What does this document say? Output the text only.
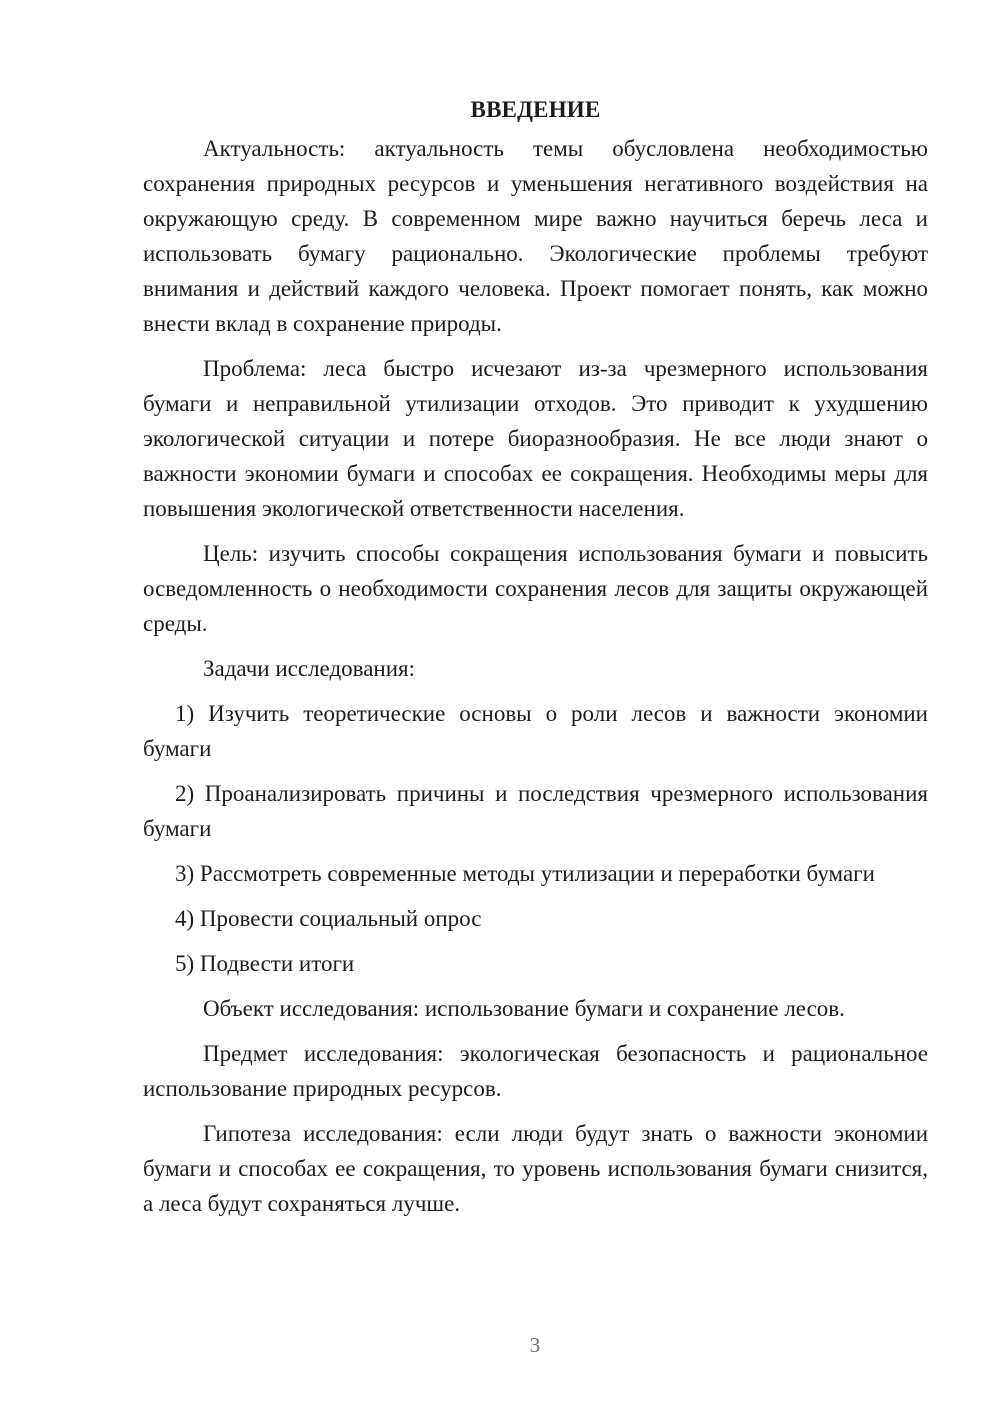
ВВЕДЕНИЕ

Актуальность: актуальность темы обусловлена необходимостью сохранения природных ресурсов и уменьшения негативного воздействия на окружающую среду. В современном мире важно научиться беречь леса и использовать бумагу рационально. Экологические проблемы требуют внимания и действий каждого человека. Проект помогает понять, как можно внести вклад в сохранение природы.

Проблема: леса быстро исчезают из-за чрезмерного использования бумаги и неправильной утилизации отходов. Это приводит к ухудшению экологической ситуации и потере биоразнообразия. Не все люди знают о важности экономии бумаги и способах ее сокращения. Необходимы меры для повышения экологической ответственности населения.

Цель: изучить способы сокращения использования бумаги и повысить осведомленность о необходимости сохранения лесов для защиты окружающей среды.

Задачи исследования:

1) Изучить теоретические основы о роли лесов и важности экономии бумаги

2) Проанализировать причины и последствия чрезмерного использования бумаги

3) Рассмотреть современные методы утилизации и переработки бумаги

4) Провести социальный опрос

5) Подвести итоги

Объект исследования: использование бумаги и сохранение лесов.

Предмет исследования: экологическая безопасность и рациональное использование природных ресурсов.

Гипотеза исследования: если люди будут знать о важности экономии бумаги и способах ее сокращения, то уровень использования бумаги снизится, а леса будут сохраняться лучше.

3
